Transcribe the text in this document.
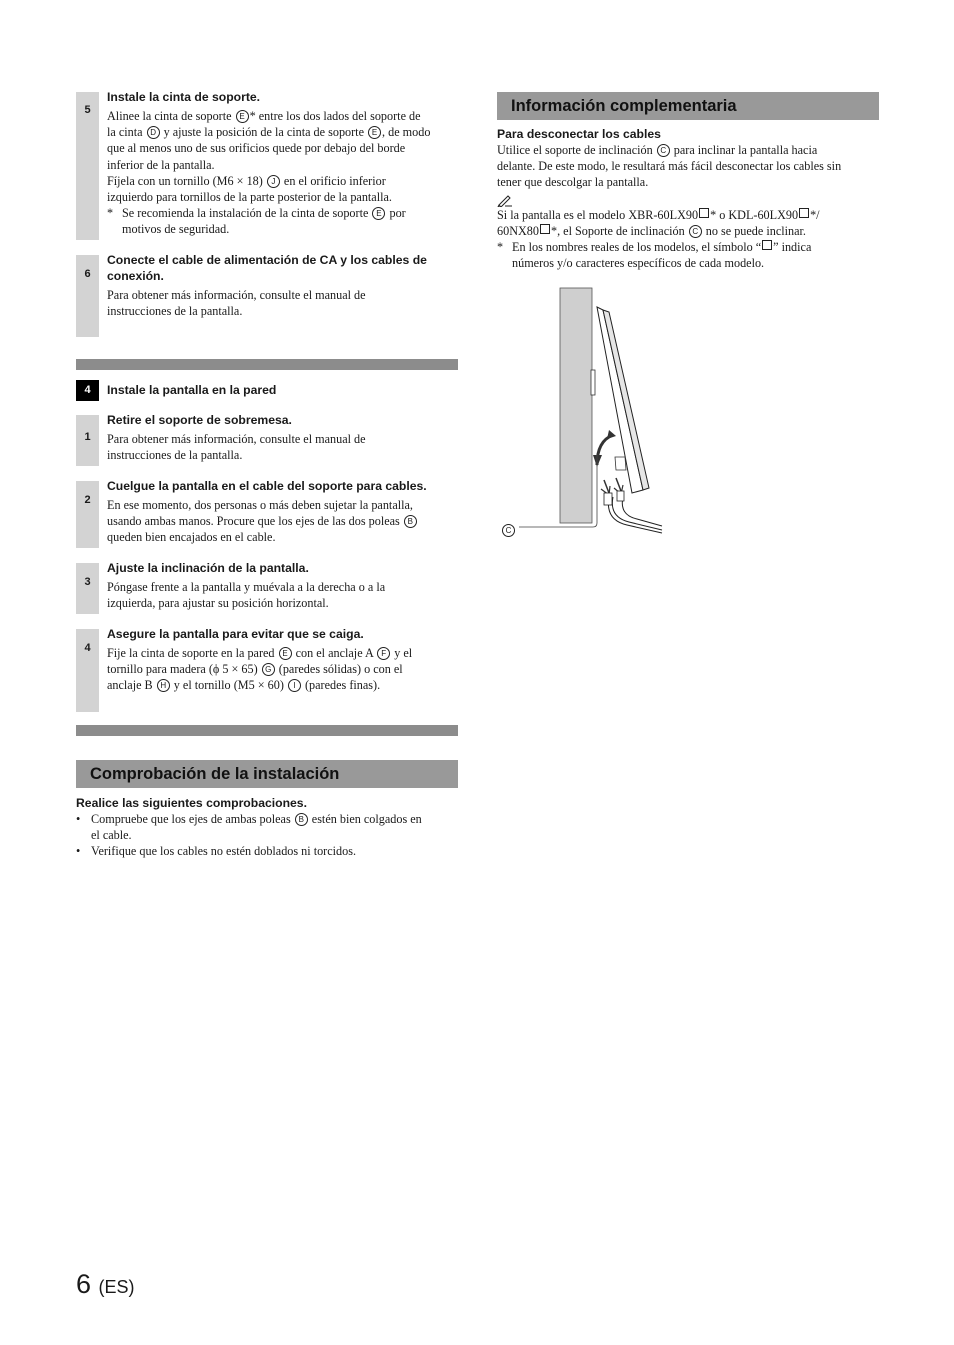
5
Instale la cinta de soporte.
Alinee la cinta de soporte E * entre los dos lados del soporte de
la cinta D y ajuste la posición de la cinta de soporte E , de modo
que al menos uno de sus orificios quede por debajo del borde
inferior de la pantalla.
Fíjela con un tornillo (M6 × 18) J en el orificio inferior
izquierdo para tornillos de la parte posterior de la pantalla.
* Se recomienda la instalación de la cinta de soporte E por
motivos de seguridad.
6
Conecte el cable de alimentación de CA y los cables de
conexión.
Para obtener más información, consulte el manual de
instrucciones de la pantalla.
4	Instale la pantalla en la pared
1
Retire el soporte de sobremesa.
Para obtener más información, consulte el manual de
instrucciones de la pantalla.
2
Cuelgue la pantalla en el cable del soporte para cables.
En ese momento, dos personas o más deben sujetar la pantalla,
usando ambas manos. Procure que los ejes de las dos poleas B
queden bien encajados en el cable.
3
Ajuste la inclinación de la pantalla.
Póngase frente a la pantalla y muévala a la derecha o a la
izquierda, para ajustar su posición horizontal.
4
Asegure la pantalla para evitar que se caiga.
Fije la cinta de soporte en la pared E con el anclaje A F y el
tornillo para madera (ϕ 5 × 65) G (paredes sólidas) o con el
anclaje B H y el tornillo (M5 × 60) I (paredes finas).
Comprobación de la instalación
Realice las siguientes comprobaciones.
• Compruebe que los ejes de ambas poleas B estén bien colgados en
el cable.
• Verifique que los cables no estén doblados ni torcidos.
Información complementaria
Para desconectar los cables
Utilice el soporte de inclinación C para inclinar la pantalla hacia
delante. De este modo, le resultará más fácil desconectar los cables sin
tener que descolgar la pantalla.
Si la pantalla es el modelo XBR-60LX90 * o KDL-60LX90 */
60NX80 *, el Soporte de inclinación C no se puede inclinar.
* En los nombres reales de los modelos, el símbolo “ ” indica
números y/o caracteres específicos de cada modelo.
C
6 (ES)
